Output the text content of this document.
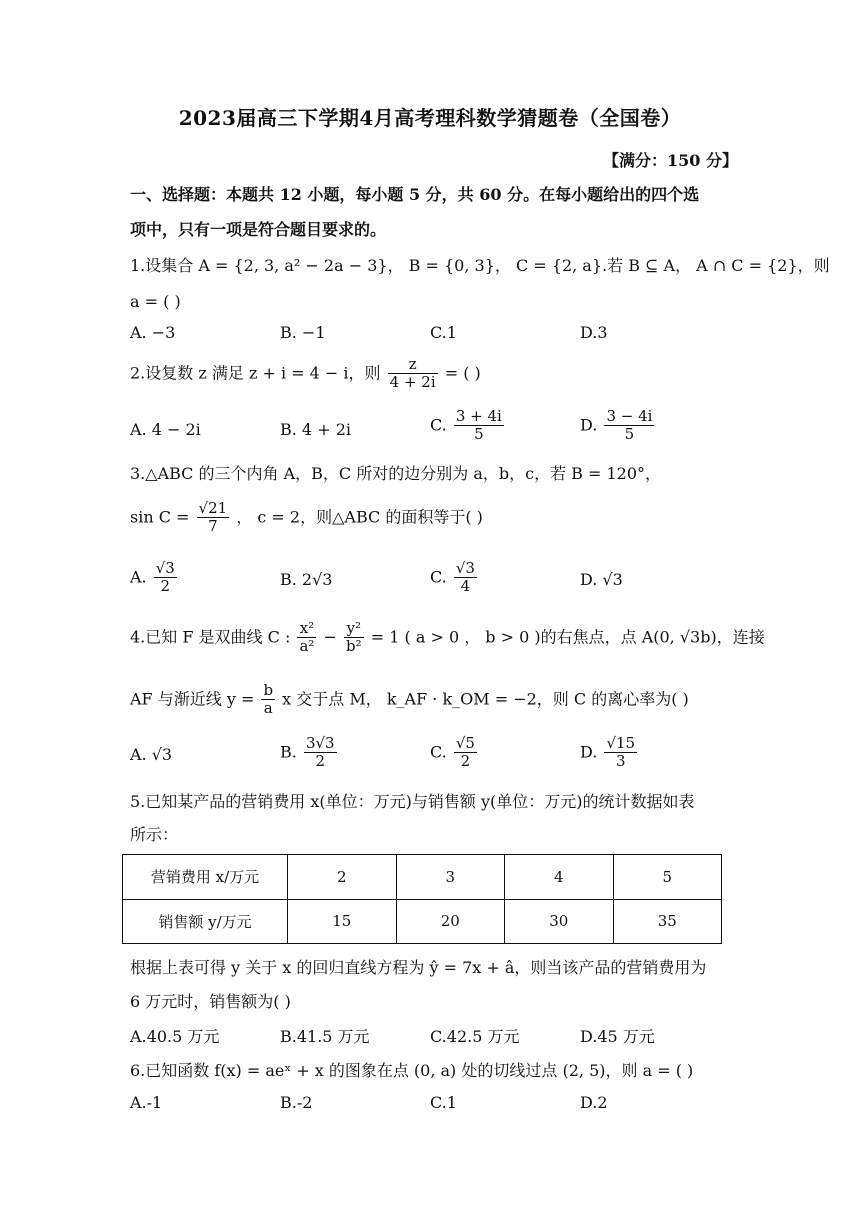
2023届高三下学期4月高考理科数学猜题卷（全国卷）
【满分：150 分】
一、选择题：本题共 12 小题，每小题 5 分，共 60 分。在每小题给出的四个选
项中，只有一项是符合题目要求的。
1.设集合 A = {2, 3, a² − 2a − 3}， B = {0, 3}， C = {2, a}.若 B ⊆ A， A ∩ C = {2}，则
a = ( )
A. −3	B. −1	C.1	D.3
2.设复数 z 满足 z + i = 4 − i，则 $\frac{z}{4 + 2i}$ = ( )
A. 4 − 2i	B. 4 + 2i	C. $\frac{3 + 4i}{5}$	D. $\frac{3 - 4i}{5}$
3.△ABC 的三个内角 A，B，C 所对的边分别为 a，b，c，若 B = 120°，
$\sin C = \frac{√21}{7}$ ， c = 2，则△ABC 的面积等于( )
A. $\frac{√3}{2}$	B. 2√3	C. $\frac{√3}{4}$	D. √3
4.已知 F 是双曲线 C : $\frac{\text{x²}}{\text{a²}} - \frac{\text{y²}}{\text{b²}} = 1$ ( a > 0 ， b > 0 )的右焦点，点 A(0, √3b)，连接
AF 与渐近线 $y = \frac{b}{a}$ x 交于点 M， k_AF · k_OM = −2，则 C 的离心率为( )
A. √3	B. $\frac{3√3}{2}$	C. $\frac{√5}{2}$	D. $\frac{√15}{3}$
5.已知某产品的营销费用 x(单位：万元)与销售额 y(单位：万元)的统计数据如表
所示：
营销费用 x/万元	2	3	4	5
销售额 y/万元	15	20	30	35
根据上表可得 y 关于 x 的回归直线方程为 ŷ = 7x + â，则当该产品的营销费用为
6 万元时，销售额为( )
A.40.5 万元	B.41.5 万元	C.42.5 万元	D.45 万元
6.已知函数 f(x) = aeˣ + x 的图象在点 (0, a) 处的切线过点 (2, 5)，则 a = ( )
A.-1	B.-2	C.1	D.2
